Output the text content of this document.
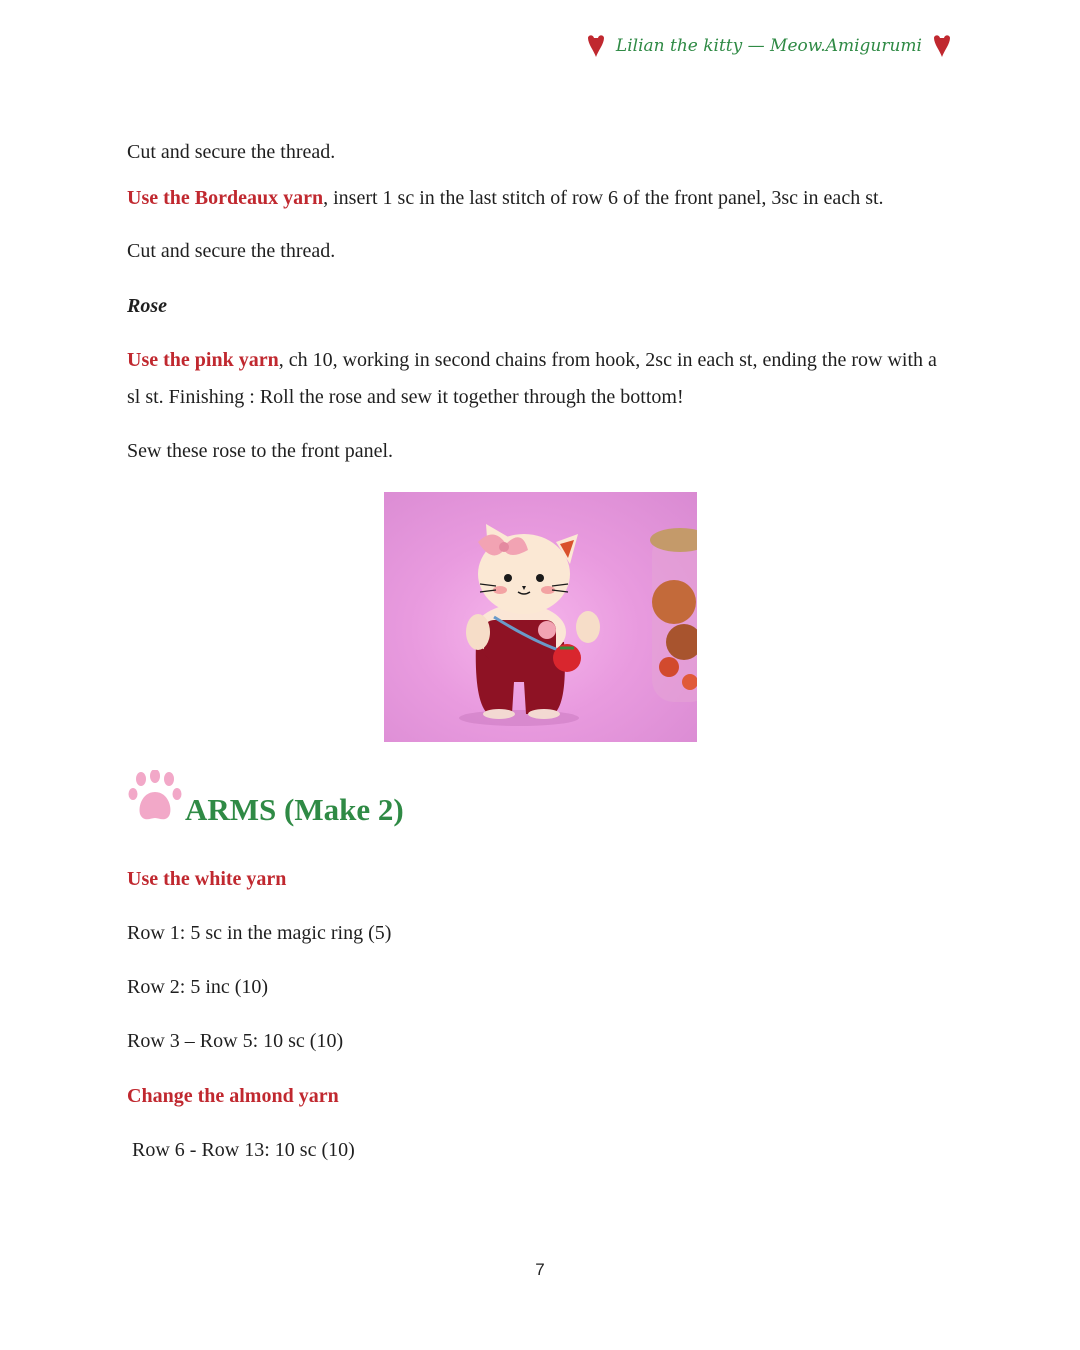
Lilian the kitty — Meow.Amigurumi
Cut and secure the thread.
Use the Bordeaux yarn, insert 1 sc in the last stitch of row 6 of the front panel, 3sc in each st.
Cut and secure the thread.
Rose
Use the pink yarn, ch 10, working in second chains from hook, 2sc in each st, ending the row with a sl st. Finishing : Roll the rose and sew it together through the bottom!
Sew these rose to the front panel.
ARMS (Make 2)
Use the white yarn
Row 1: 5 sc in the magic ring (5)
Row 2: 5 inc (10)
Row 3 – Row 5: 10 sc (10)
Change the almond yarn
Row 6 - Row 13: 10 sc (10)
7
